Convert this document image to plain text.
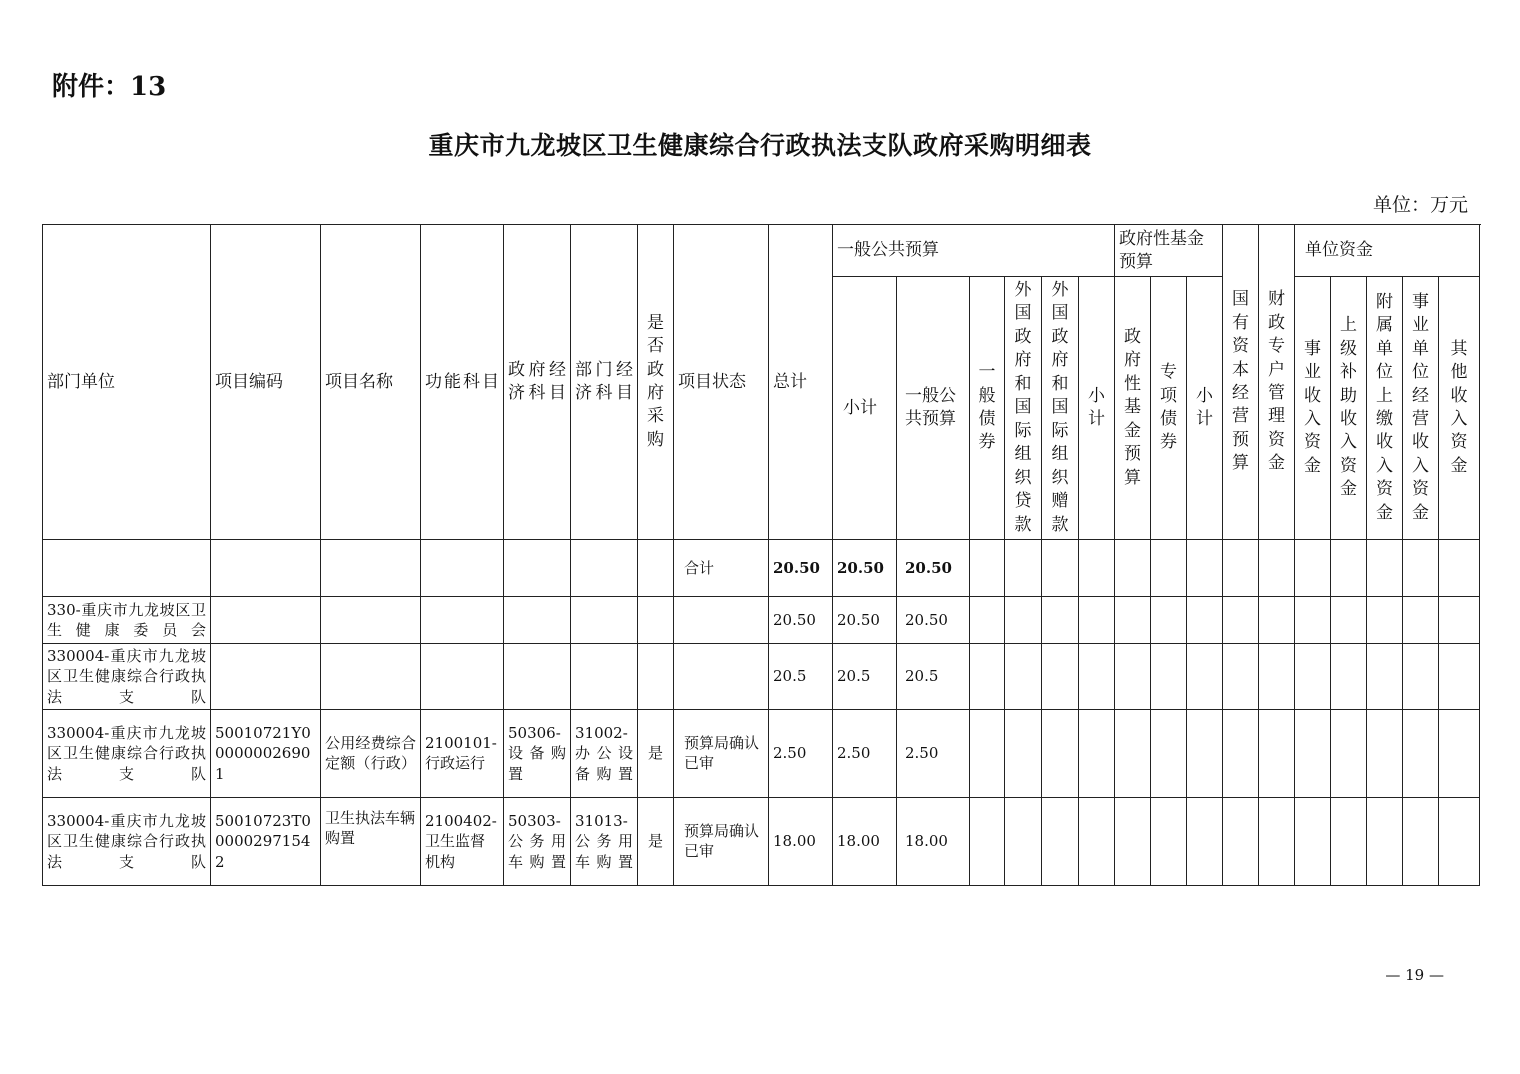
附件：13
重庆市九龙坡区卫生健康综合行政执法支队政府采购明细表
单位：万元
部门单位	项目编码	项目名称	功能科目	政府经济科目	部门经济科目	是否政府采购	项目状态	总计	一般公共预算						政府性基金预算			国有资本经营预算	财政专户管理资金	单位资金				
									小计	一般公共预算	一般债券	外国政府和国际组织贷款	外国政府和国际组织赠款	小计	政府性基金预算	专项债券	小计			事业收入资金	上级补助收入资金	附属单位上缴收入资金	事业单位经营收入资金	其他收入资金
							合计	20.50	20.50	20.50														
330-重庆市九龙坡区卫生健康委员会								20.50	20.50	20.50														
330004-重庆市九龙坡区卫生健康综合行政执法支队								20.5	20.5	20.5														
330004-重庆市九龙坡区卫生健康综合行政执法支队	50010721Y000000026901	公用经费综合定额（行政）	2100101-行政运行	50306-设备购置	31002-办公设备购置	是	预算局确认已审	2.50	2.50	2.50														
330004-重庆市九龙坡区卫生健康综合行政执法支队	50010723T000002971542	卫生执法车辆购置	2100402-卫生监督机构	50303-公务用车购置	31013-公务用车购置	是	预算局确认已审	18.00	18.00	18.00														
— 19 —
